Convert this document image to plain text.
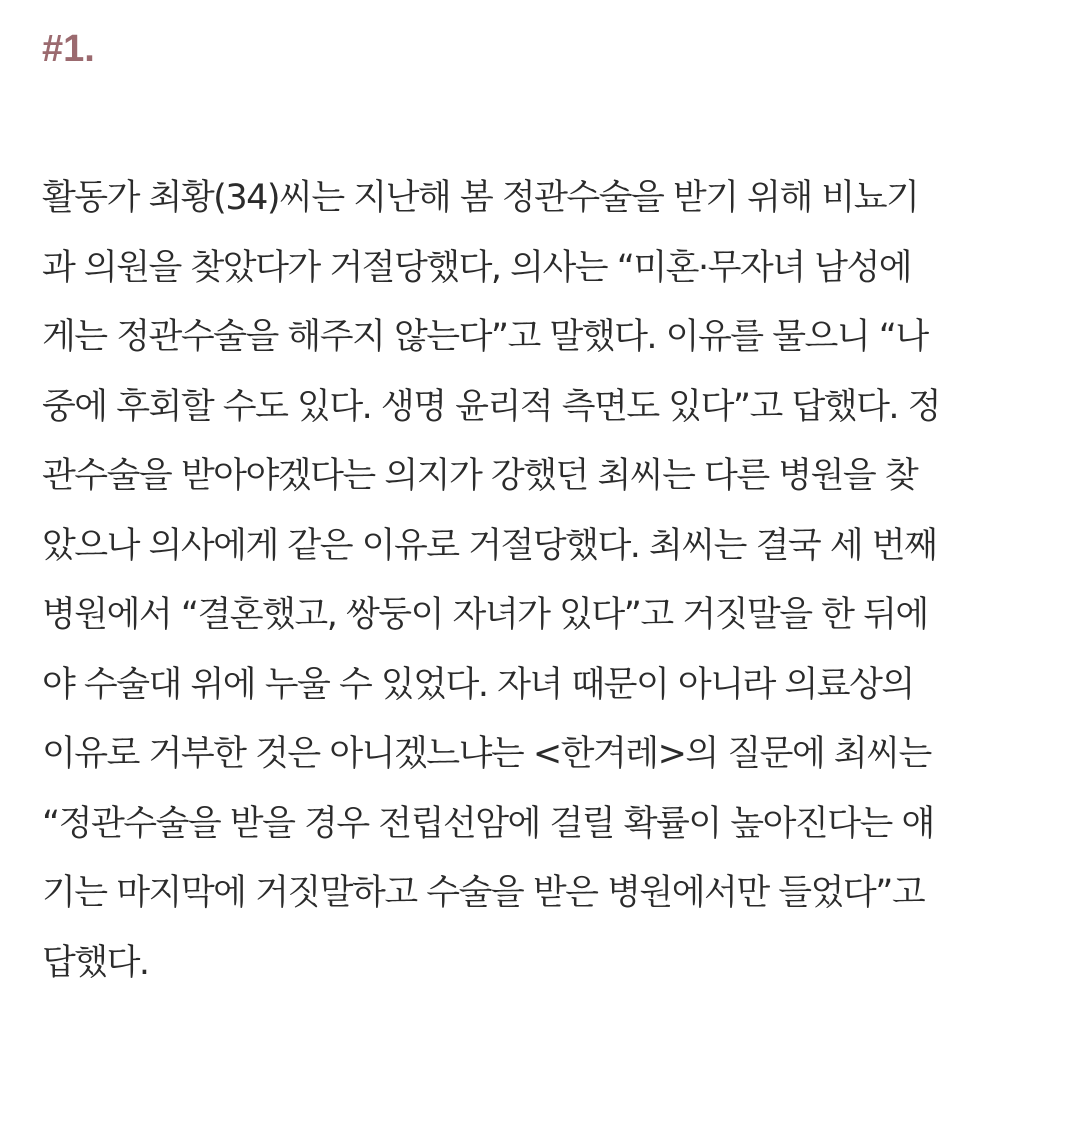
#1.

활동가 최황(34)씨는 지난해 봄 정관수술을 받기 위해 비뇨기
과 의원을 찾았다가 거절당했다, 의사는 “미혼·무자녀 남성에
게는 정관수술을 해주지 않는다”고 말했다. 이유를 물으니 “나
중에 후회할 수도 있다. 생명 윤리적 측면도 있다”고 답했다. 정
관수술을 받아야겠다는 의지가 강했던 최씨는 다른 병원을 찾
았으나 의사에게 같은 이유로 거절당했다. 최씨는 결국 세 번째
병원에서 “결혼했고, 쌍둥이 자녀가 있다”고 거짓말을 한 뒤에
야 수술대 위에 누울 수 있었다. 자녀 때문이 아니라 의료상의
이유로 거부한 것은 아니겠느냐는 <한겨레>의 질문에 최씨는
“정관수술을 받을 경우 전립선암에 걸릴 확률이 높아진다는 얘
기는 마지막에 거짓말하고 수술을 받은 병원에서만 들었다”고
답했다.
